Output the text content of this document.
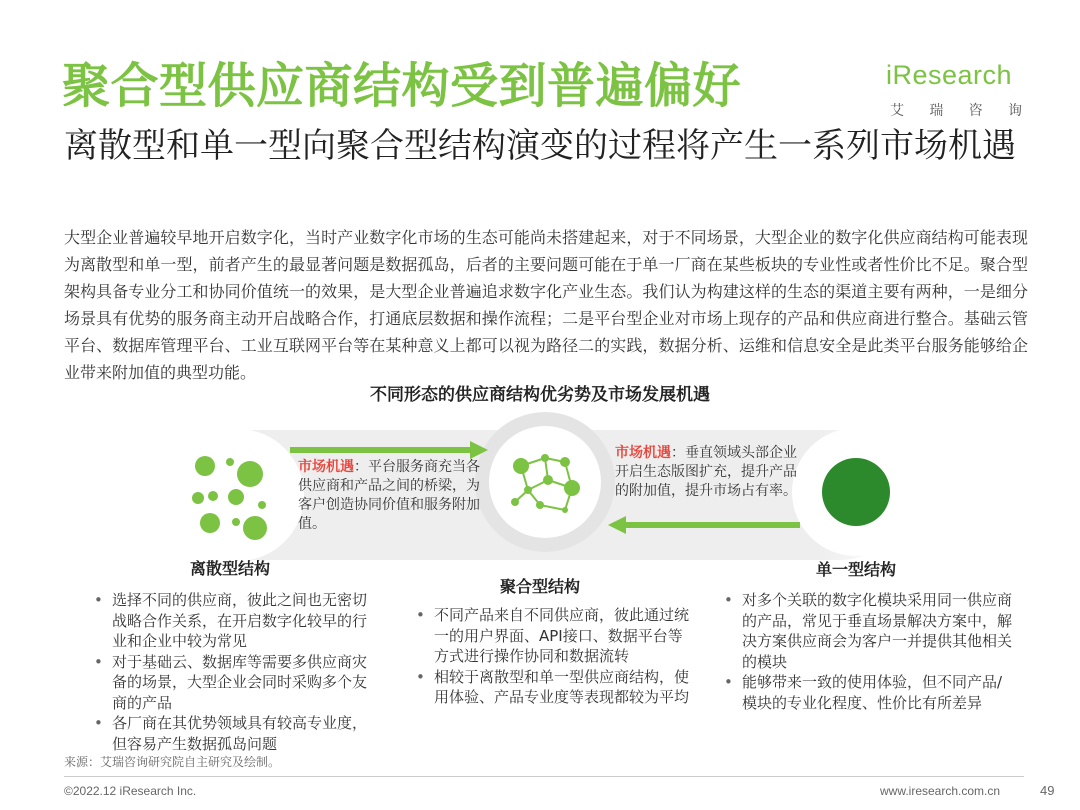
聚合型供应商结构受到普遍偏好	iResearch
艾 瑞 咨 询
离散型和单一型向聚合型结构演变的过程将产生一系列市场机遇
大型企业普遍较早地开启数字化，当时产业数字化市场的生态可能尚未搭建起来，对于不同场景，大型企业的数字化供应商结构可能表现为离散型和单一型，前者产生的最显著问题是数据孤岛，后者的主要问题可能在于单一厂商在某些板块的专业性或者性价比不足。聚合型架构具备专业分工和协同价值统一的效果，是大型企业普遍追求数字化产业生态。我们认为构建这样的生态的渠道主要有两种，一是细分场景具有优势的服务商主动开启战略合作，打通底层数据和操作流程；二是平台型企业对市场上现存的产品和供应商进行整合。基础云管平台、数据库管理平台、工业互联网平台等在某种意义上都可以视为路径二的实践，数据分析、运维和信息安全是此类平台服务能够给企业带来附加值的典型功能。
不同形态的供应商结构优劣势及市场发展机遇
市场机遇：平台服务商充当各供应商和产品之间的桥梁，为客户创造协同价值和服务附加值。
市场机遇：垂直领域头部企业开启生态版图扩充，提升产品的附加值，提升市场占有率。
离散型结构
聚合型结构
单一型结构
• 选择不同的供应商，彼此之间也无密切战略合作关系，在开启数字化较早的行业和企业中较为常见
• 对于基础云、数据库等需要多供应商灾备的场景，大型企业会同时采购多个友商的产品
• 各厂商在其优势领域具有较高专业度，但容易产生数据孤岛问题
• 不同产品来自不同供应商，彼此通过统一的用户界面、API接口、数据平台等方式进行操作协同和数据流转
• 相较于离散型和单一型供应商结构，使用体验、产品专业度等表现都较为平均
• 对多个关联的数字化模块采用同一供应商的产品，常见于垂直场景解决方案中，解决方案供应商会为客户一并提供其他相关的模块
• 能够带来一致的使用体验，但不同产品/模块的专业化程度、性价比有所差异
来源：艾瑞咨询研究院自主研究及绘制。
©2022.12 iResearch Inc.	www.iresearch.com.cn	49
